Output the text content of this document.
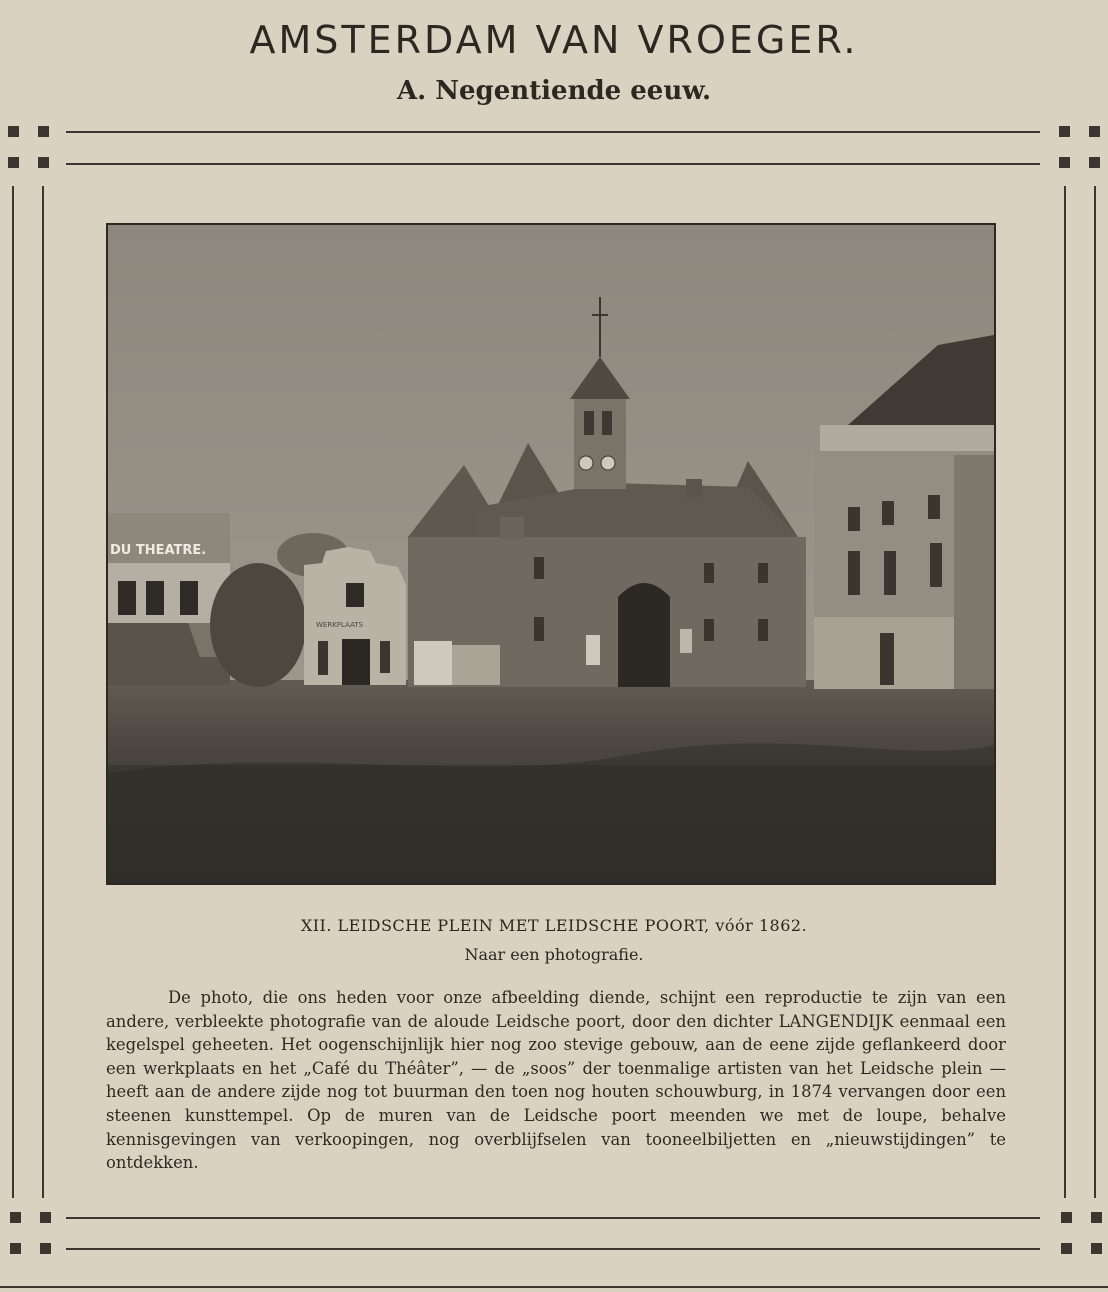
AMSTERDAM VAN VROEGER.
A. Negentiende eeuw.
DU THEATRE.
WERKPLAATS
XII. LEIDSCHE PLEIN MET LEIDSCHE POORT, vóór 1862.
Naar een photografie.
De photo, die ons heden voor onze afbeelding diende, schijnt een reproductie te zijn van een andere, verbleekte photografie van de aloude Leidsche poort, door den dichter LANGENDIJK eenmaal een kegelspel geheeten. Het oogenschijnlijk hier nog zoo stevige gebouw, aan de eene zijde geflankeerd door een werkplaats en het „Café du Théâter”, — de „soos” der toenmalige artisten van het Leidsche plein — heeft aan de andere zijde nog tot buurman den toen nog houten schouwburg, in 1874 vervangen door een steenen kunsttempel. Op de muren van de Leidsche poort meenden we met de loupe, behalve kennisgevingen van verkoopingen, nog overblijfselen van tooneelbiljetten en „nieuwstijdingen” te ontdekken.
